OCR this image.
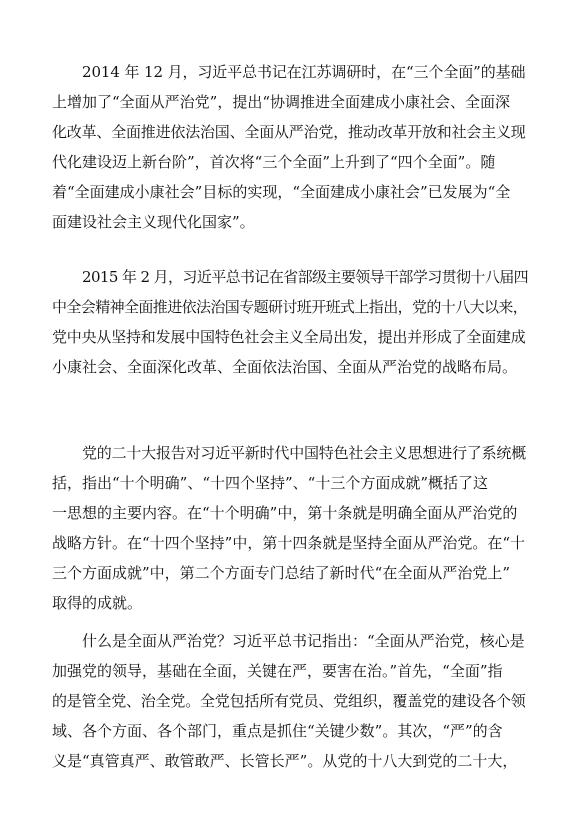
2014 年 12 月，习近平总书记在江苏调研时，在“三个全面”的基础
上增加了“全面从严治党”，提出“协调推进全面建成小康社会、全面深
化改革、全面推进依法治国、全面从严治党，推动改革开放和社会主义现
代化建设迈上新台阶”，首次将“三个全面”上升到了“四个全面”。随
着“全面建成小康社会”目标的实现，“全面建成小康社会”已发展为“全
面建设社会主义现代化国家”。
2015 年 2 月，习近平总书记在省部级主要领导干部学习贯彻十八届四
中全会精神全面推进依法治国专题研讨班开班式上指出，党的十八大以来，
党中央从坚持和发展中国特色社会主义全局出发，提出并形成了全面建成
小康社会、全面深化改革、全面依法治国、全面从严治党的战略布局。
党的二十大报告对习近平新时代中国特色社会主义思想进行了系统概
括，指出“十个明确”、“十四个坚持”、“十三个方面成就”概括了这
一思想的主要内容。在“十个明确”中，第十条就是明确全面从严治党的
战略方针。在“十四个坚持”中，第十四条就是坚持全面从严治党。在“十
三个方面成就”中，第二个方面专门总结了新时代“在全面从严治党上”
取得的成就。
什么是全面从严治党？习近平总书记指出：“全面从严治党，核心是
加强党的领导，基础在全面，关键在严，要害在治。”首先，“全面”指
的是管全党、治全党。全党包括所有党员、党组织，覆盖党的建设各个领
域、各个方面、各个部门，重点是抓住“关键少数”。其次，“严”的含
义是“真管真严、敢管敢严、长管长严”。从党的十八大到党的二十大，
